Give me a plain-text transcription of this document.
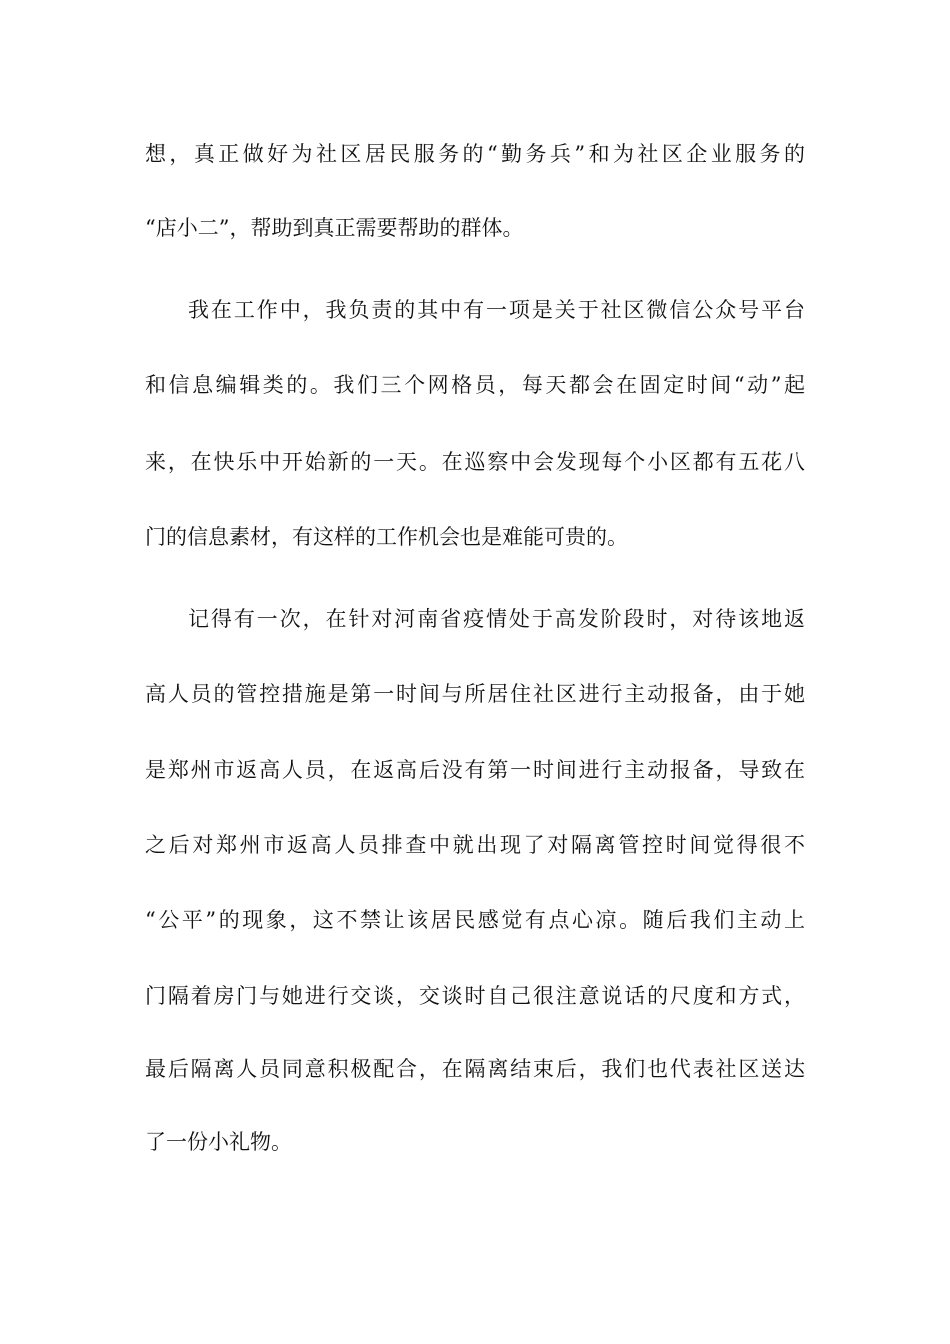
想，真正做好为社区居民服务的“勤务兵”和为社区企业服务的
“店小二”，帮助到真正需要帮助的群体。
我在工作中，我负责的其中有一项是关于社区微信公众号平台
和信息编辑类的。我们三个网格员，每天都会在固定时间“动”起
来，在快乐中开始新的一天。在巡察中会发现每个小区都有五花八
门的信息素材，有这样的工作机会也是难能可贵的。
记得有一次，在针对河南省疫情处于高发阶段时，对待该地返
高人员的管控措施是第一时间与所居住社区进行主动报备，由于她
是郑州市返高人员，在返高后没有第一时间进行主动报备，导致在
之后对郑州市返高人员排查中就出现了对隔离管控时间觉得很不
“公平”的现象，这不禁让该居民感觉有点心凉。随后我们主动上
门隔着房门与她进行交谈，交谈时自己很注意说话的尺度和方式，
最后隔离人员同意积极配合，在隔离结束后，我们也代表社区送达
了一份小礼物。
